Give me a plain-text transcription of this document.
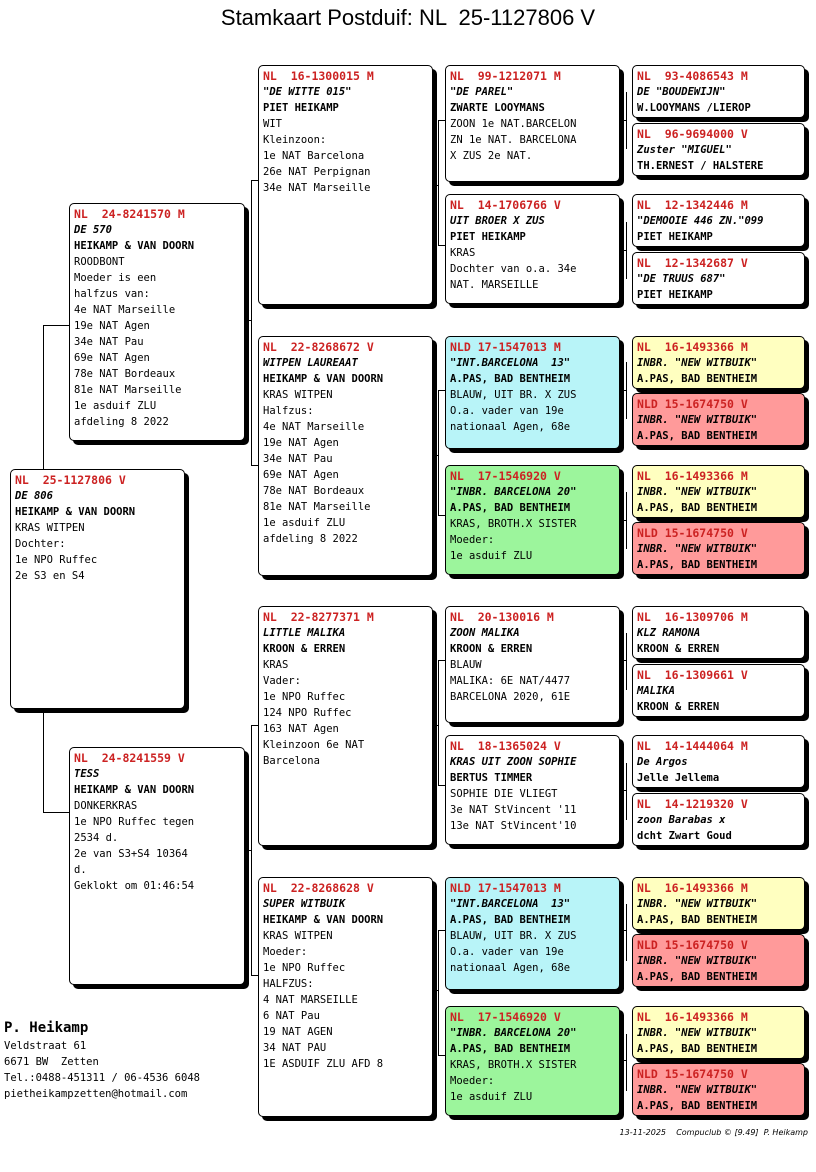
Stamkaart Postduif: NL  25-1127806 V
NL  25-1127806 V
DE 806
HEIKAMP & VAN DOORN
KRAS WITPEN
Dochter:
1e NPO Ruffec
2e S3 en S4
NL  24-8241570 M
DE 570
HEIKAMP & VAN DOORN
ROODBONT
Moeder is een
halfzus van:
4e NAT Marseille
19e NAT Agen
34e NAT Pau
69e NAT Agen
78e NAT Bordeaux
81e NAT Marseille
1e asduif ZLU
afdeling 8 2022
NL  24-8241559 V
TESS
HEIKAMP & VAN DOORN
DONKERKRAS
1e NPO Ruffec tegen
2534 d.
2e van S3+S4 10364
d.
Geklokt om 01:46:54
NL  16-1300015 M
"DE WITTE 015"
PIET HEIKAMP
WIT
Kleinzoon:
1e NAT Barcelona
26e NAT Perpignan
34e NAT Marseille
NL  22-8268672 V
WITPEN LAUREAAT
HEIKAMP & VAN DOORN
KRAS WITPEN
Halfzus:
4e NAT Marseille
19e NAT Agen
34e NAT Pau
69e NAT Agen
78e NAT Bordeaux
81e NAT Marseille
1e asduif ZLU
afdeling 8 2022
NL  22-8277371 M
LITTLE MALIKA
KROON & ERREN
KRAS
Vader:
1e NPO Ruffec
124 NPO Ruffec
163 NAT Agen
Kleinzoon 6e NAT
Barcelona
NL  22-8268628 V
SUPER WITBUIK
HEIKAMP & VAN DOORN
KRAS WITPEN
Moeder:
1e NPO Ruffec
HALFZUS:
4 NAT MARSEILLE
6 NAT Pau
19 NAT AGEN
34 NAT PAU
1E ASDUIF ZLU AFD 8
NL  99-1212071 M
"DE PAREL"
ZWARTE LOOYMANS
ZOON 1e NAT.BARCELON
ZN 1e NAT. BARCELONA
X ZUS 2e NAT.
NL  14-1706766 V
UIT BROER X ZUS
PIET HEIKAMP
KRAS
Dochter van o.a. 34e
NAT. MARSEILLE
NLD 17-1547013 M
"INT.BARCELONA  13"
A.PAS, BAD BENTHEIM
BLAUW, UIT BR. X ZUS
O.a. vader van 19e
nationaal Agen, 68e
NL  17-1546920 V
"INBR. BARCELONA 20"
A.PAS, BAD BENTHEIM
KRAS, BROTH.X SISTER
Moeder:
1e asduif ZLU
NL  20-130016 M
ZOON MALIKA
KROON & ERREN
BLAUW
MALIKA: 6E NAT/4477
BARCELONA 2020, 61E
NL  18-1365024 V
KRAS UIT ZOON SOPHIE
BERTUS TIMMER
SOPHIE DIE VLIEGT
3e NAT StVincent '11
13e NAT StVincent'10
NLD 17-1547013 M
"INT.BARCELONA  13"
A.PAS, BAD BENTHEIM
BLAUW, UIT BR. X ZUS
O.a. vader van 19e
nationaal Agen, 68e
NL  17-1546920 V
"INBR. BARCELONA 20"
A.PAS, BAD BENTHEIM
KRAS, BROTH.X SISTER
Moeder:
1e asduif ZLU
NL  93-4086543 M
DE "BOUDEWIJN"
W.LOOYMANS /LIEROP
NL  96-9694000 V
Zuster "MIGUEL"
TH.ERNEST / HALSTERE
NL  12-1342446 M
"DEMOOIE 446 ZN."099
PIET HEIKAMP
NL  12-1342687 V
"DE TRUUS 687"
PIET HEIKAMP
NL  16-1493366 M
INBR. "NEW WITBUIK"
A.PAS, BAD BENTHEIM
NLD 15-1674750 V
INBR. "NEW WITBUIK"
A.PAS, BAD BENTHEIM
NL  16-1493366 M
INBR. "NEW WITBUIK"
A.PAS, BAD BENTHEIM
NLD 15-1674750 V
INBR. "NEW WITBUIK"
A.PAS, BAD BENTHEIM
NL  16-1309706 M
KLZ RAMONA
KROON & ERREN
NL  16-1309661 V
MALIKA
KROON & ERREN
NL  14-1444064 M
De Argos
Jelle Jellema
NL  14-1219320 V
zoon Barabas x
dcht Zwart Goud
NL  16-1493366 M
INBR. "NEW WITBUIK"
A.PAS, BAD BENTHEIM
NLD 15-1674750 V
INBR. "NEW WITBUIK"
A.PAS, BAD BENTHEIM
NL  16-1493366 M
INBR. "NEW WITBUIK"
A.PAS, BAD BENTHEIM
NLD 15-1674750 V
INBR. "NEW WITBUIK"
A.PAS, BAD BENTHEIM
P. Heikamp
Veldstraat 61
6671 BW  Zetten
Tel.:0488-451311 / 06-4536 6048
pietheikampzetten@hotmail.com
13-11-2025    Compuclub © [9.49]  P. Heikamp
